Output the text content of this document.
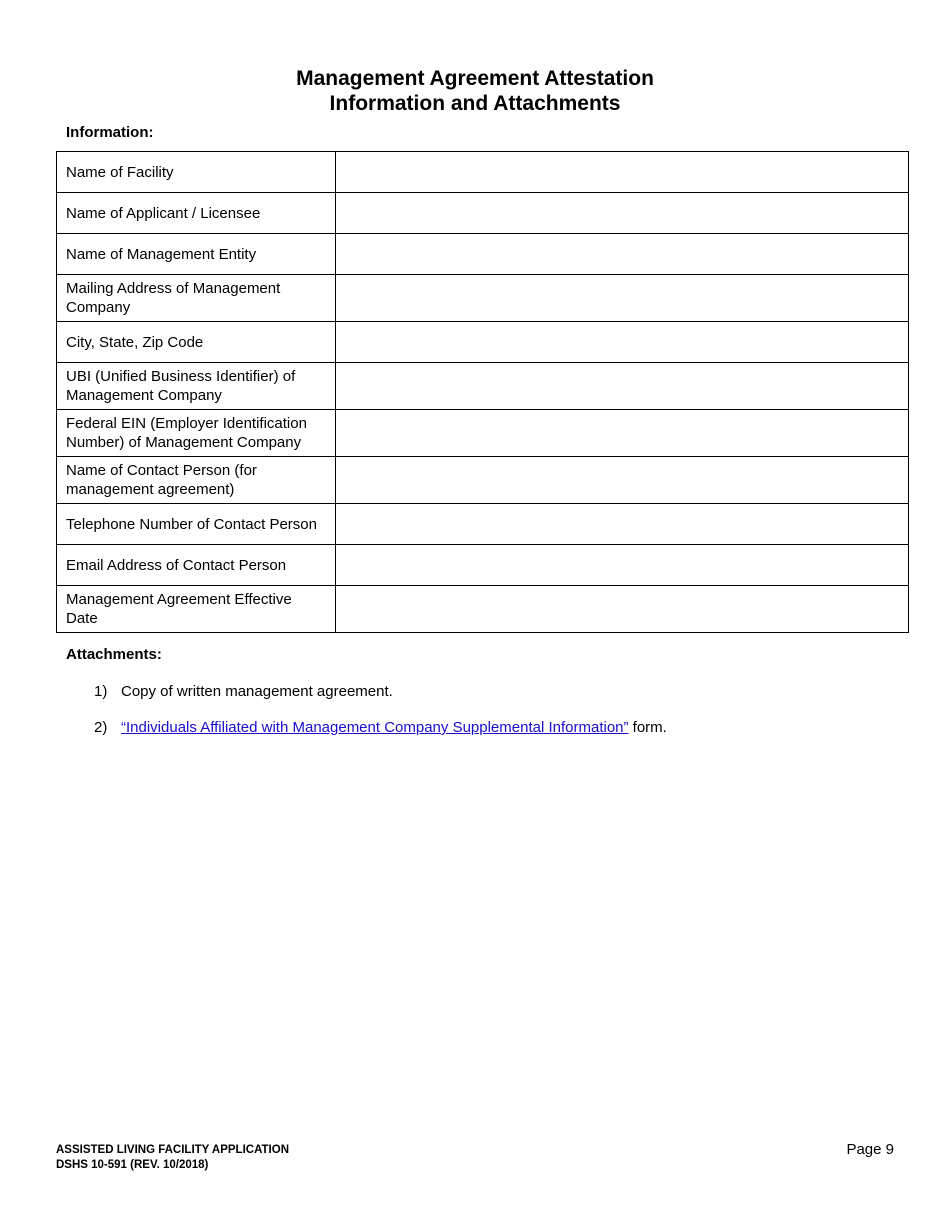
Management Agreement Attestation
Information and Attachments
Information:
Name of Facility	
Name of Applicant / Licensee	
Name of Management Entity	
Mailing Address of Management Company	
City, State, Zip Code	
UBI (Unified Business Identifier) of Management Company	
Federal EIN (Employer Identification Number) of Management Company	
Name of Contact Person (for management agreement)	
Telephone Number of Contact Person	
Email Address of Contact Person	
Management Agreement Effective Date	
Attachments:
1) Copy of written management agreement.
2) “Individuals Affiliated with Management Company Supplemental Information” form.
ASSISTED LIVING FACILITY APPLICATION
DSHS 10-591 (REV. 10/2018)
Page 9
